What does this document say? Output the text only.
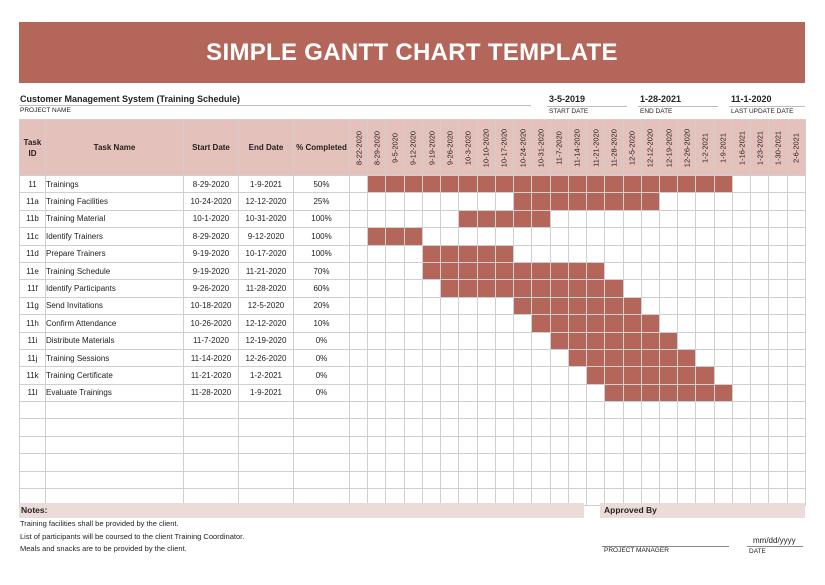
SIMPLE GANTT CHART TEMPLATE
Customer Management System (Training Schedule)
PROJECT NAME
3-5-2019
START DATE
1-28-2021
END DATE
11-1-2020
LAST UPDATE DATE
Task ID	Task Name	Start Date	End Date	% Completed	8-22-2020	8-29-2020	9-5-2020	9-12-2020	9-19-2020	9-26-2020	10-3-2020	10-10-2020	10-17-2020	10-24-2020	10-31-2020	11-7-2020	11-14-2020	11-21-2020	11-28-2020	12-5-2020	12-12-2020	12-19-2020	12-26-2020	1-2-2021	1-9-2021	1-16-2021	1-23-2021	1-30-2021	2-6-2021

11	Trainings	8-29-2020	1-9-2021	50%																									
11a	Training Facilities	10-24-2020	12-12-2020	25%																									
11b	Training Material	10-1-2020	10-31-2020	100%																									
11c	Identify Trainers	8-29-2020	9-12-2020	100%																									
11d	Prepare Trainers	9-19-2020	10-17-2020	100%																									
11e	Training Schedule	9-19-2020	11-21-2020	70%																									
11f	Identify Participants	9-26-2020	11-28-2020	60%																									
11g	Send Invitations	10-18-2020	12-5-2020	20%																									
11h	Confirm Attendance	10-26-2020	12-12-2020	10%																									
11i	Distribute Materials	11-7-2020	12-19-2020	0%																									
11j	Training Sessions	11-14-2020	12-26-2020	0%																									
11k	Training Certificate	11-21-2020	1-2-2021	0%																									
11l	Evaluate Trainings	11-28-2020	1-9-2021	0%																									

Notes:	Approved By
Training facilities shall be provided by the client.
List of participants will be coursed to the client Training Coordinator.
Meals and snacks are to be provided by the client.	PROJECT MANAGER
mm/dd/yyyy
DATE
